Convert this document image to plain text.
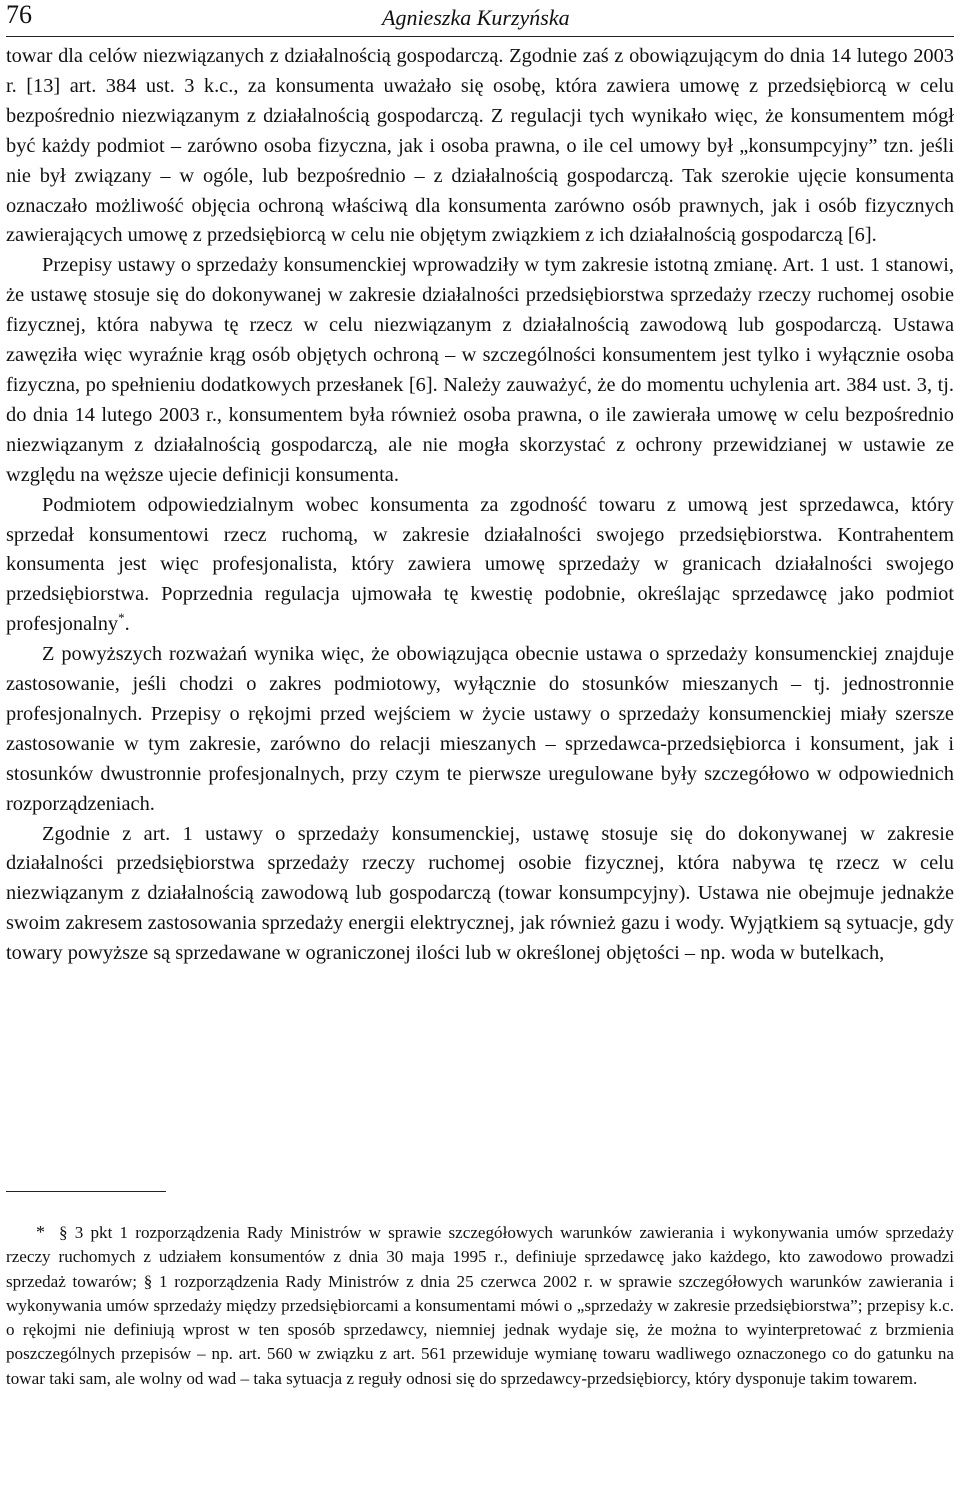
76	Agnieszka Kurzyńska

towar dla celów niezwiązanych z działalnością gospodarczą. Zgodnie zaś z obowiązującym do dnia 14 lutego 2003 r. [13] art. 384 ust. 3 k.c., za konsumenta uważało się osobę, która zawiera umowę z przedsiębiorcą w celu bezpośrednio niezwiązanym z działalnością gospodarczą. Z regulacji tych wynikało więc, że konsumentem mógł być każdy podmiot – zarówno osoba fizyczna, jak i osoba prawna, o ile cel umowy był „konsumpcyjny” tzn. jeśli nie był związany – w ogóle, lub bezpośrednio – z działalnością gospodarczą. Tak szerokie ujęcie konsumenta oznaczało możliwość objęcia ochroną właściwą dla konsumenta zarówno osób prawnych, jak i osób fizycznych zawierających umowę z przedsiębiorcą w celu nie objętym związkiem z ich działalnością gospodarczą [6].

Przepisy ustawy o sprzedaży konsumenckiej wprowadziły w tym zakresie istotną zmianę. Art. 1 ust. 1 stanowi, że ustawę stosuje się do dokonywanej w zakresie działalności przedsiębiorstwa sprzedaży rzeczy ruchomej osobie fizycznej, która nabywa tę rzecz w celu niezwiązanym z działalnością zawodową lub gospodarczą. Ustawa zawęziła więc wyraźnie krąg osób objętych ochroną – w szczególności konsumentem jest tylko i wyłącznie osoba fizyczna, po spełnieniu dodatkowych przesłanek [6]. Należy zauważyć, że do momentu uchylenia art. 384 ust. 3, tj. do dnia 14 lutego 2003 r., konsumentem była również osoba prawna, o ile zawierała umowę w celu bezpośrednio niezwiązanym z działalnością gospodarczą, ale nie mogła skorzystać z ochrony przewidzianej w ustawie ze względu na węższe ujecie definicji konsumenta.

Podmiotem odpowiedzialnym wobec konsumenta za zgodność towaru z umową jest sprzedawca, który sprzedał konsumentowi rzecz ruchomą, w zakresie działalności swojego przedsiębiorstwa. Kontrahentem konsumenta jest więc profesjonalista, który zawiera umowę sprzedaży w granicach działalności swojego przedsiębiorstwa. Poprzednia regulacja ujmowała tę kwestię podobnie, określając sprzedawcę jako podmiot profesjonalny*.

Z powyższych rozważań wynika więc, że obowiązująca obecnie ustawa o sprzedaży konsumenckiej znajduje zastosowanie, jeśli chodzi o zakres podmiotowy, wyłącznie do stosunków mieszanych – tj. jednostronnie profesjonalnych. Przepisy o rękojmi przed wejściem w życie ustawy o sprzedaży konsumenckiej miały szersze zastosowanie w tym zakresie, zarówno do relacji mieszanych – sprzedawca-przedsiębiorca i konsument, jak i stosunków dwustronnie profesjonalnych, przy czym te pierwsze uregulowane były szczegółowo w odpowiednich rozporządzeniach.

Zgodnie z art. 1 ustawy o sprzedaży konsumenckiej, ustawę stosuje się do dokonywanej w zakresie działalności przedsiębiorstwa sprzedaży rzeczy ruchomej osobie fizycznej, która nabywa tę rzecz w celu niezwiązanym z działalnością zawodową lub gospodarczą (towar konsumpcyjny). Ustawa nie obejmuje jednakże swoim zakresem zastosowania sprzedaży energii elektrycznej, jak również gazu i wody. Wyjątkiem są sytuacje, gdy towary powyższe są sprzedawane w ograniczonej ilości lub w określonej objętości – np. woda w butelkach,

* § 3 pkt 1 rozporządzenia Rady Ministrów w sprawie szczegółowych warunków zawierania i wykonywania umów sprzedaży rzeczy ruchomych z udziałem konsumentów z dnia 30 maja 1995 r., definiuje sprzedawcę jako każdego, kto zawodowo prowadzi sprzedaż towarów; § 1 rozporządzenia Rady Ministrów z dnia 25 czerwca 2002 r. w sprawie szczegółowych warunków zawierania i wykonywania umów sprzedaży między przedsiębiorcami a konsumentami mówi o „sprzedaży w zakresie przedsiębiorstwa”; przepisy k.c. o rękojmi nie definiują wprost w ten sposób sprzedawcy, niemniej jednak wydaje się, że można to wyinterpretować z brzmienia poszczególnych przepisów – np. art. 560 w związku z art. 561 przewiduje wymianę towaru wadliwego oznaczonego co do gatunku na towar taki sam, ale wolny od wad – taka sytuacja z reguły odnosi się do sprzedawcy-przedsiębiorcy, który dysponuje takim towarem.
